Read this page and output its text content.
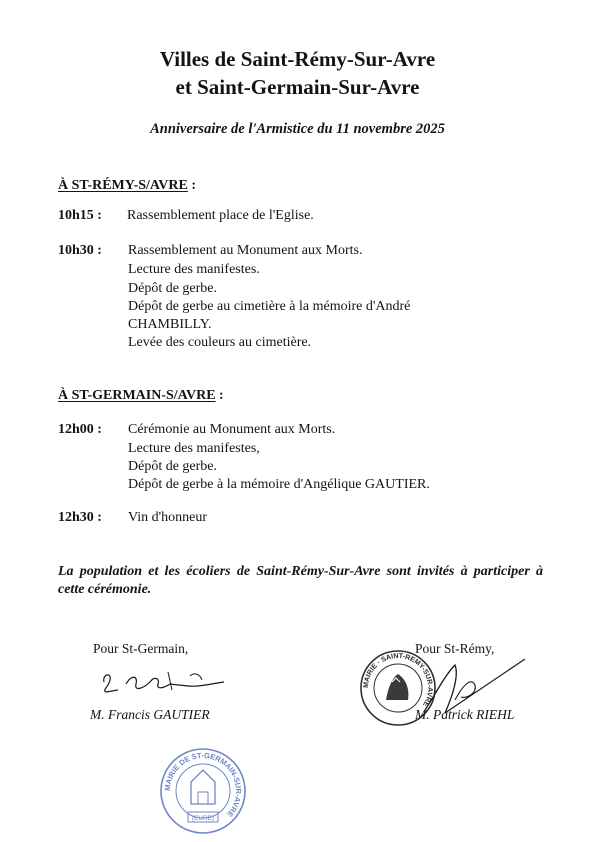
Villes de Saint-Rémy-Sur-Avre
et Saint-Germain-Sur-Avre
Anniversaire de l'Armistice du 11 novembre 2025
À ST-RÉMY-S/AVRE :
10h15 : Rassemblement place de l'Eglise.
10h30 : Rassemblement au Monument aux Morts.
Lecture des manifestes.
Dépôt de gerbe.
Dépôt de gerbe au cimetière à la mémoire d'André
CHAMBILLY.
Levée des couleurs au cimetière.
À ST-GERMAIN-S/AVRE :
12h00 : Cérémonie au Monument aux Morts.
Lecture des manifestes,
Dépôt de gerbe.
Dépôt de gerbe à la mémoire d'Angélique GAUTIER.
12h30 : Vin d'honneur
La population et les écoliers de Saint-Rémy-Sur-Avre sont invités à participer à cette cérémonie.
Pour St-Germain,
M. Francis GAUTIER
Pour St-Rémy,
MAIRIE · SAINT-REMY-SUR-AVRE
M. Patrick RIEHL
MAIRIE DE ST-GERMAIN-SUR-AVRE
(EURE)
